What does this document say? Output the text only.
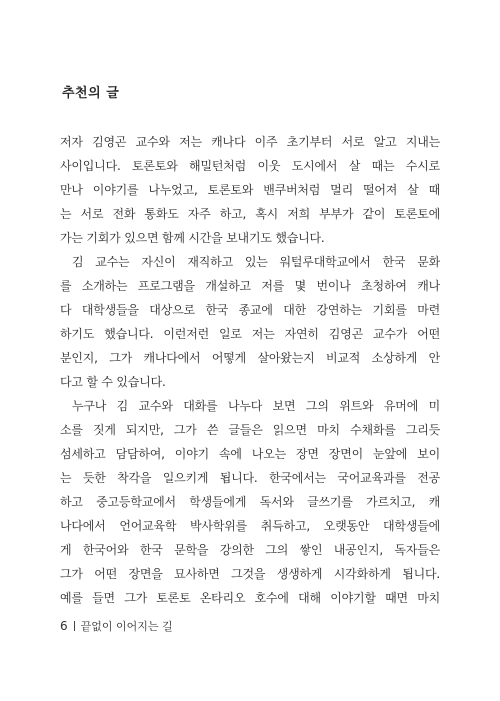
추천의 글
저자 김영곤 교수와 저는 캐나다 이주 초기부터 서로 알고 지내는
사이입니다. 토론토와 해밀턴처럼 이웃 도시에서 살 때는 수시로
만나 이야기를 나누었고, 토론토와 밴쿠버처럼 멀리 떨어져 살 때
는 서로 전화 통화도 자주 하고, 혹시 저희 부부가 같이 토론토에
가는 기회가 있으면 함께 시간을 보내기도 했습니다.
김 교수는 자신이 재직하고 있는 워털루대학교에서 한국 문화
를 소개하는 프로그램을 개설하고 저를 몇 번이나 초청하여 캐나
다 대학생들을 대상으로 한국 종교에 대한 강연하는 기회를 마련
하기도 했습니다. 이런저런 일로 저는 자연히 김영곤 교수가 어떤
분인지, 그가 캐나다에서 어떻게 살아왔는지 비교적 소상하게 안
다고 할 수 있습니다.
누구나 김 교수와 대화를 나누다 보면 그의 위트와 유머에 미
소를 짓게 되지만, 그가 쓴 글들은 읽으면 마치 수채화를 그리듯
섬세하고 담담하여, 이야기 속에 나오는 장면 장면이 눈앞에 보이
는 듯한 착각을 일으키게 됩니다. 한국에서는 국어교육과를 전공
하고 중고등학교에서 학생들에게 독서와 글쓰기를 가르치고, 캐
나다에서 언어교육학 박사학위를 취득하고, 오랫동안 대학생들에
게 한국어와 한국 문학을 강의한 그의 쌓인 내공인지, 독자들은
그가 어떤 장면을 묘사하면 그것을 생생하게 시각화하게 됩니다.
예를 들면 그가 토론토 온타리오 호수에 대해 이야기할 때면 마치
6 끝없이 이어지는 길
